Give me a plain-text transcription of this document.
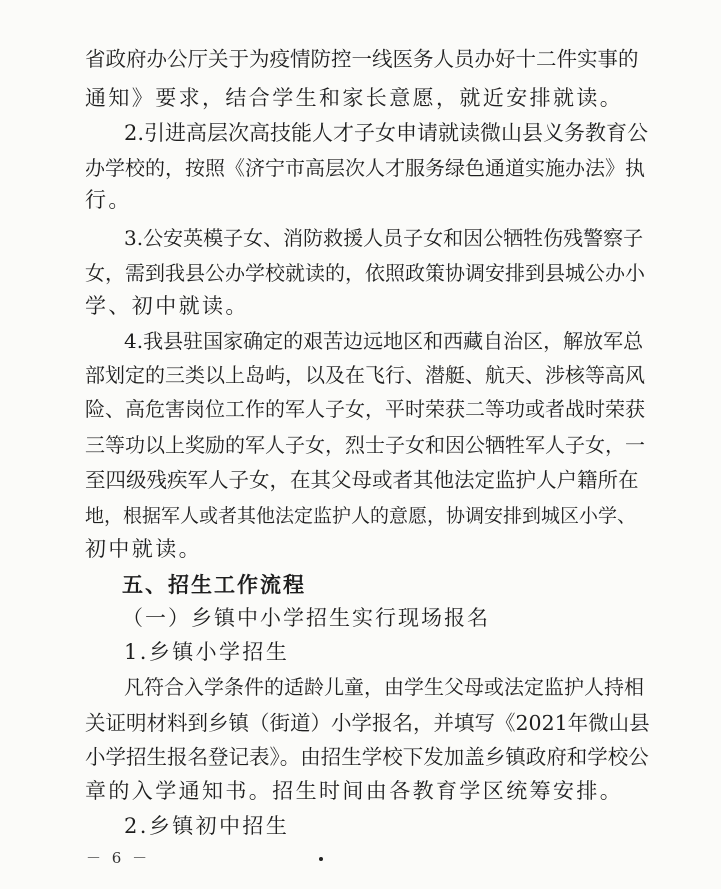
省政府办公厅关于为疫情防控一线医务人员办好十二件实事的
通知》要求，结合学生和家长意愿，就近安排就读。
2.引进高层次高技能人才子女申请就读微山县义务教育公
办学校的，按照《济宁市高层次人才服务绿色通道实施办法》执
行。
3.公安英模子女、消防救援人员子女和因公牺牲伤残警察子
女，需到我县公办学校就读的，依照政策协调安排到县城公办小
学、初中就读。
4.我县驻国家确定的艰苦边远地区和西藏自治区，解放军总
部划定的三类以上岛屿，以及在飞行、潜艇、航天、涉核等高风
险、高危害岗位工作的军人子女，平时荣获二等功或者战时荣获
三等功以上奖励的军人子女，烈士子女和因公牺牲军人子女，一
至四级残疾军人子女，在其父母或者其他法定监护人户籍所在
地，根据军人或者其他法定监护人的意愿，协调安排到城区小学、
初中就读。
五、招生工作流程
（一）乡镇中小学招生实行现场报名
1.乡镇小学招生
凡符合入学条件的适龄儿童，由学生父母或法定监护人持相
关证明材料到乡镇（街道）小学报名，并填写《2021年微山县
小学招生报名登记表》。由招生学校下发加盖乡镇政府和学校公
章的入学通知书。招生时间由各教育学区统筹安排。
2.乡镇初中招生
－ 6 －
